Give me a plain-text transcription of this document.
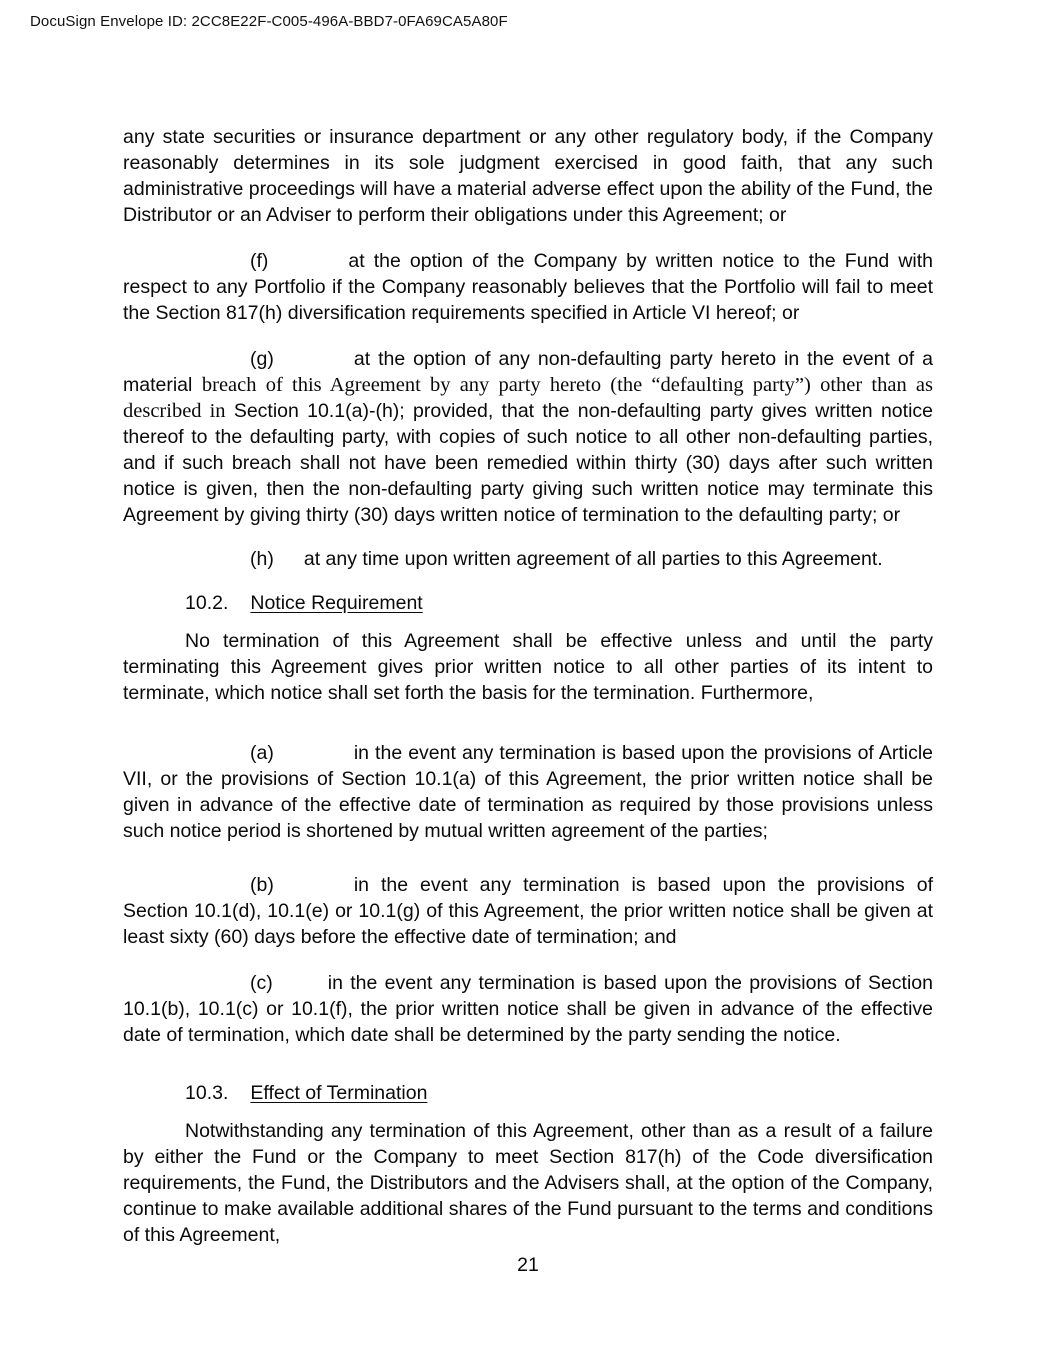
DocuSign Envelope ID: 2CC8E22F-C005-496A-BBD7-0FA69CA5A80F

any state securities or insurance department or any other regulatory body, if the Company reasonably determines in its sole judgment exercised in good faith, that any such administrative proceedings will have a material adverse effect upon the ability of the Fund, the Distributor or an Adviser to perform their obligations under this Agreement; or

(f)	at the option of the Company by written notice to the Fund with respect to any Portfolio if the Company reasonably believes that the Portfolio will fail to meet the Section 817(h) diversification requirements specified in Article VI hereof; or

(g)	at the option of any non-defaulting party hereto in the event of a material breach of this Agreement by any party hereto (the “defaulting party”) other than as described in Section 10.1(a)-(h); provided, that the non-defaulting party gives written notice thereof to the defaulting party, with copies of such notice to all other non-defaulting parties, and if such breach shall not have been remedied within thirty (30) days after such written notice is given, then the non-defaulting party giving such written notice may terminate this Agreement by giving thirty (30) days written notice of termination to the defaulting party; or

(h) at any time upon written agreement of all parties to this Agreement.

10.2. Notice Requirement

No termination of this Agreement shall be effective unless and until the party terminating this Agreement gives prior written notice to all other parties of its intent to terminate, which notice shall set forth the basis for the termination. Furthermore,

(a)	in the event any termination is based upon the provisions of Article VII, or the provisions of Section 10.1(a) of this Agreement, the prior written notice shall be given in advance of the effective date of termination as required by those provisions unless such notice period is shortened by mutual written agreement of the parties;

(b)	in the event any termination is based upon the provisions of Section 10.1(d), 10.1(e) or 10.1(g) of this Agreement, the prior written notice shall be given at least sixty (60) days before the effective date of termination; and

(c)	in the event any termination is based upon the provisions of Section 10.1(b), 10.1(c) or 10.1(f), the prior written notice shall be given in advance of the effective date of termination, which date shall be determined by the party sending the notice.

10.3. Effect of Termination

Notwithstanding any termination of this Agreement, other than as a result of a failure by either the Fund or the Company to meet Section 817(h) of the Code diversification requirements, the Fund, the Distributors and the Advisers shall, at the option of the Company, continue to make available additional shares of the Fund pursuant to the terms and conditions of this Agreement,

21
